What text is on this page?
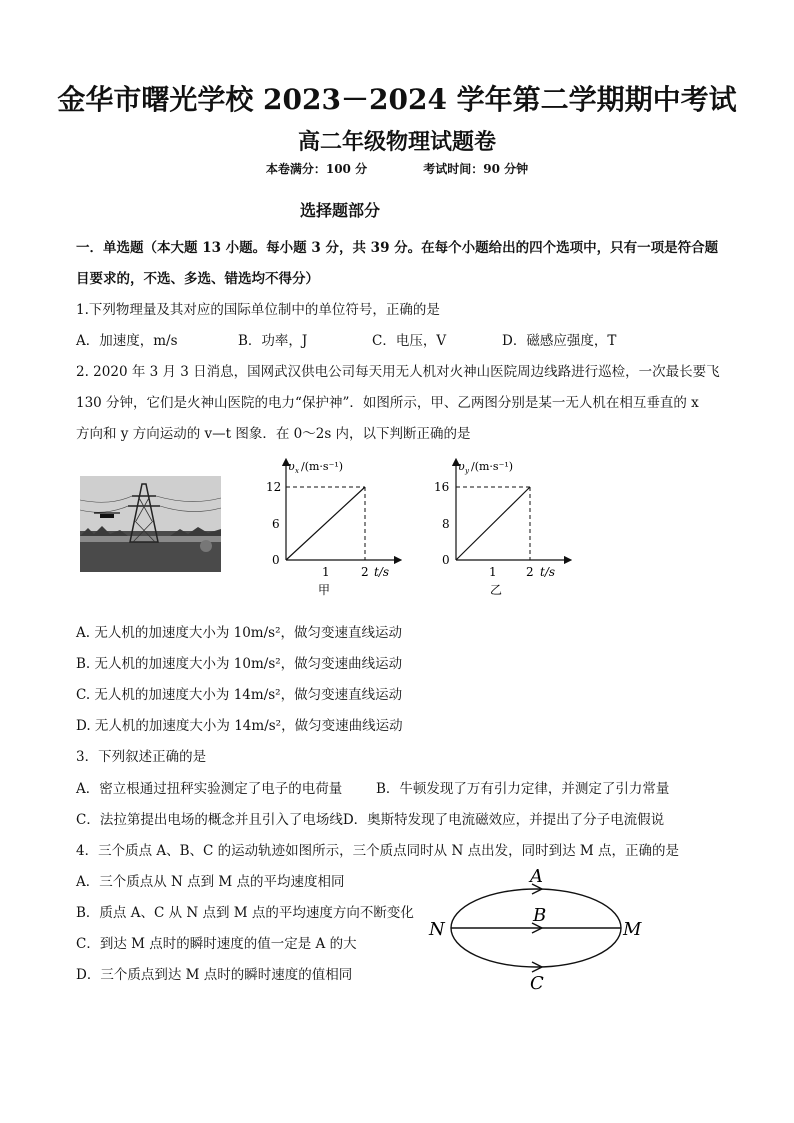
金华市曙光学校 2023－2024 学年第二学期期中考试
高二年级物理试题卷
本卷满分：100 分	考试时间：90 分钟
选择题部分
一．单选题（本大题 13 小题。每小题 3 分，共 39 分。在每个小题给出的四个选项中，只有一项是符合题
目要求的，不选、多选、错选均不得分）
1.下列物理量及其对应的国际单位制中的单位符号，正确的是
A．加速度，m/s	B．功率，J	C．电压，V	D．磁感应强度，T
2. 2020 年 3 月 3 日消息，国网武汉供电公司每天用无人机对火神山医院周边线路进行巡检，一次最长要飞
130 分钟，它们是火神山医院的电力“保护神”．如图所示，甲、乙两图分别是某一无人机在相互垂直的 x
方向和 y 方向运动的 v—t 图象．在 0～2s 内，以下判断正确的是
υ x /(m·s⁻¹)
12
6
0
1	2 t/s
甲
υ y /(m·s⁻¹)
16
8
0
1 2 t/s
乙
A. 无人机的加速度大小为 10m/s²，做匀变速直线运动
B. 无人机的加速度大小为 10m/s²，做匀变速曲线运动
C. 无人机的加速度大小为 14m/s²，做匀变速直线运动
D. 无人机的加速度大小为 14m/s²，做匀变速曲线运动
3．下列叙述正确的是
A．密立根通过扭秤实验测定了电子的电荷量	B．牛顿发现了万有引力定律，并测定了引力常量
C．法拉第提出电场的概念并且引入了电场线D．奥斯特发现了电流磁效应，并提出了分子电流假说
4．三个质点 A、B、C 的运动轨迹如图所示，三个质点同时从 N 点出发，同时到达 M 点，正确的是
A．三个质点从 N 点到 M 点的平均速度相同
B．质点 A、C 从 N 点到 M 点的平均速度方向不断变化
C．到达 M 点时的瞬时速度的值一定是 A 的大
D．三个质点到达 M 点时的瞬时速度的值相同
A
B
C
N	M
